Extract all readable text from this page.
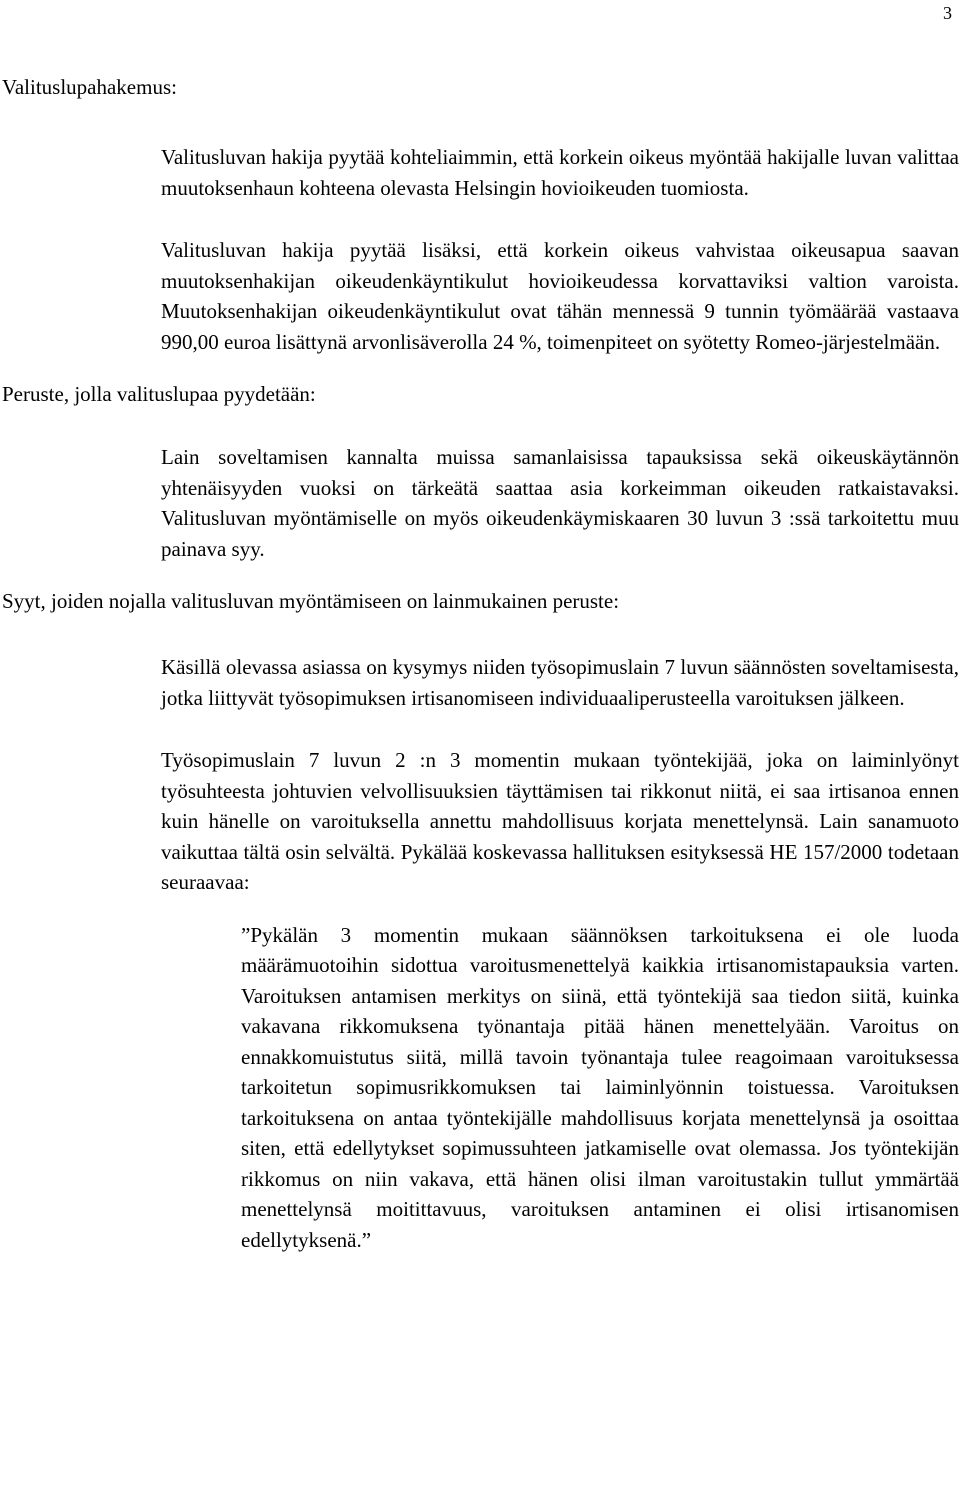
3
Valituslupahakemus:

Valitusluvan hakija pyytää kohteliaimmin, että korkein oikeus myöntää hakijalle luvan valittaa muutoksenhaun kohteena olevasta Helsingin hovioikeuden tuomiosta.

Valitusluvan hakija pyytää lisäksi, että korkein oikeus vahvistaa oikeusapua saavan muutoksenhakijan oikeudenkäyntikulut hovioikeudessa korvattaviksi valtion varoista. Muutoksenhakijan oikeudenkäyntikulut ovat tähän mennessä 9 tunnin työmäärää vastaava 990,00 euroa lisättynä arvonlisäverolla 24 %, toimenpiteet on syötetty Romeo-järjestelmään.

Peruste, jolla valituslupaa pyydetään:

Lain soveltamisen kannalta muissa samanlaisissa tapauksissa sekä oikeuskäytännön yhtenäisyyden vuoksi on tärkeätä saattaa asia korkeimman oikeuden ratkaistavaksi. Valitusluvan myöntämiselle on myös oikeudenkäymiskaaren 30 luvun 3 :ssä tarkoitettu muu painava syy.

Syyt, joiden nojalla valitusluvan myöntämiseen on lainmukainen peruste:

Käsillä olevassa asiassa on kysymys niiden työsopimuslain 7 luvun säännösten soveltamisesta, jotka liittyvät työsopimuksen irtisanomiseen individuaaliperusteella varoituksen jälkeen.

Työsopimuslain 7 luvun 2 :n 3 momentin mukaan työntekijää, joka on laiminlyönyt työsuhteesta johtuvien velvollisuuksien täyttämisen tai rikkonut niitä, ei saa irtisanoa ennen kuin hänelle on varoituksella annettu mahdollisuus korjata menettelynsä. Lain sanamuoto vaikuttaa tältä osin selvältä. Pykälää koskevassa hallituksen esityksessä HE 157/2000 todetaan seuraavaa:

”Pykälän 3 momentin mukaan säännöksen tarkoituksena ei ole luoda määrämuotoihin sidottua varoitusmenettelyä kaikkia irtisanomistapauksia varten. Varoituksen antamisen merkitys on siinä, että työntekijä saa tiedon siitä, kuinka vakavana rikkomuksena työnantaja pitää hänen menettelyään. Varoitus on ennakkomuistutus siitä, millä tavoin työnantaja tulee reagoimaan varoituksessa tarkoitetun sopimusrikkomuksen tai laiminlyönnin toistuessa. Varoituksen tarkoituksena on antaa työntekijälle mahdollisuus korjata menettelynsä ja osoittaa siten, että edellytykset sopimussuhteen jatkamiselle ovat olemassa. Jos työntekijän rikkomus on niin vakava, että hänen olisi ilman varoitustakin tullut ymmärtää menettelynsä moitittavuus, varoituksen antaminen ei olisi irtisanomisen edellytyksenä.”
